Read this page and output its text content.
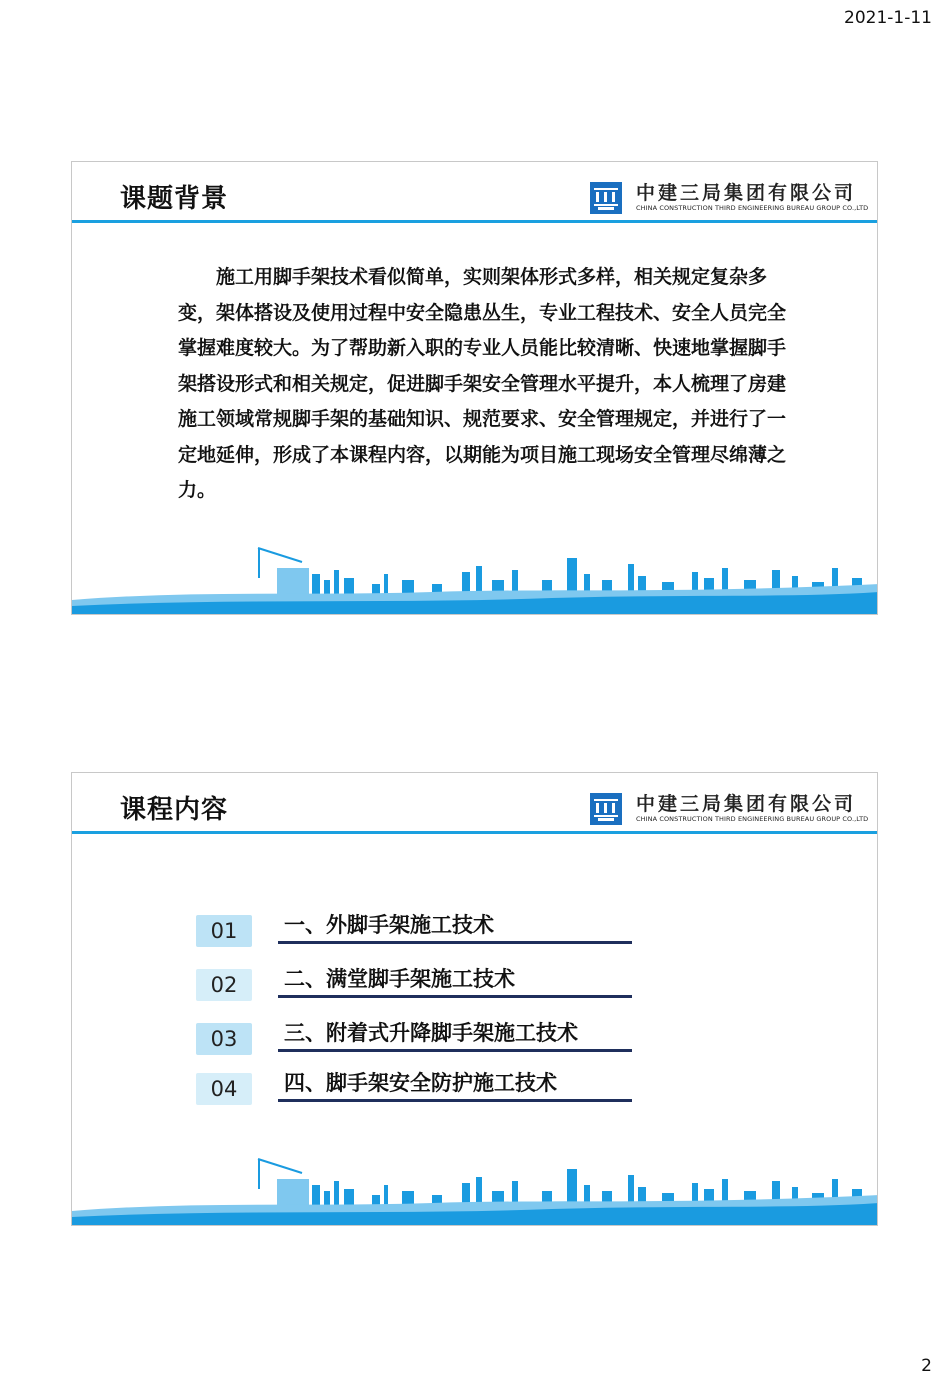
2021-1-11
课题背景	中建三局集团有限公司
CHINA CONSTRUCTION THIRD ENGINEERING BUREAU GROUP CO.,LTD
施工用脚手架技术看似简单，实则架体形式多样，相关规定复杂多变，架体搭设及使用过程中安全隐患丛生，专业工程技术、安全人员完全掌握难度较大。为了帮助新入职的专业人员能比较清晰、快速地掌握脚手架搭设形式和相关规定，促进脚手架安全管理水平提升，本人梳理了房建施工领域常规脚手架的基础知识、规范要求、安全管理规定，并进行了一定地延伸，形成了本课程内容，以期能为项目施工现场安全管理尽绵薄之力。
课程内容	中建三局集团有限公司
CHINA CONSTRUCTION THIRD ENGINEERING BUREAU GROUP CO.,LTD
01	一、外脚手架施工技术
02	二、满堂脚手架施工技术
03	三、附着式升降脚手架施工技术
04	四、脚手架安全防护施工技术
2
